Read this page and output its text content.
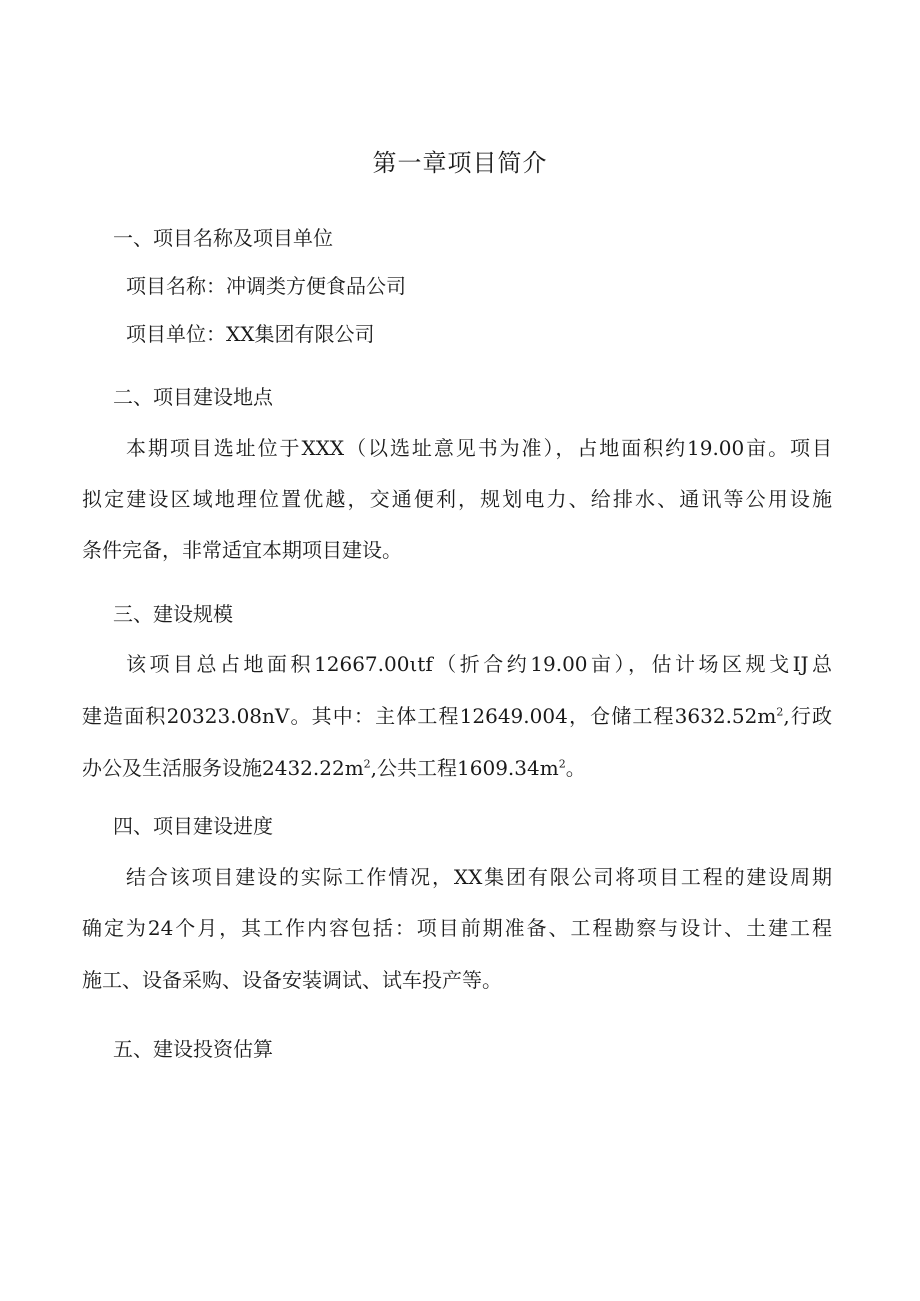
第一章项目简介
一、项目名称及项目单位

项目名称：冲调类方便食品公司

项目单位：XX集团有限公司

二、项目建设地点

本期项目选址位于XXX（以选址意见书为准），占地面积约19.00亩。项目

拟定建设区域地理位置优越，交通便利，规划电力、给排水、通讯等公用设施

条件完备，非常适宜本期项目建设。

三、建设规模

该项目总占地面积12667.00ιtf（折合约19.00亩），估计场区规戈IJ总

建造面积20323.08nV。其中：主体工程12649.004，仓储工程$3632.52m^2$,行政

办公及生活服务设施$2432.22m^2$,公共工程$1609.34m^2$。

四、项目建设进度

结合该项目建设的实际工作情况，XX集团有限公司将项目工程的建设周期

确定为24个月，其工作内容包括：项目前期准备、工程勘察与设计、土建工程

施工、设备采购、设备安装调试、试车投产等。

五、建设投资估算
